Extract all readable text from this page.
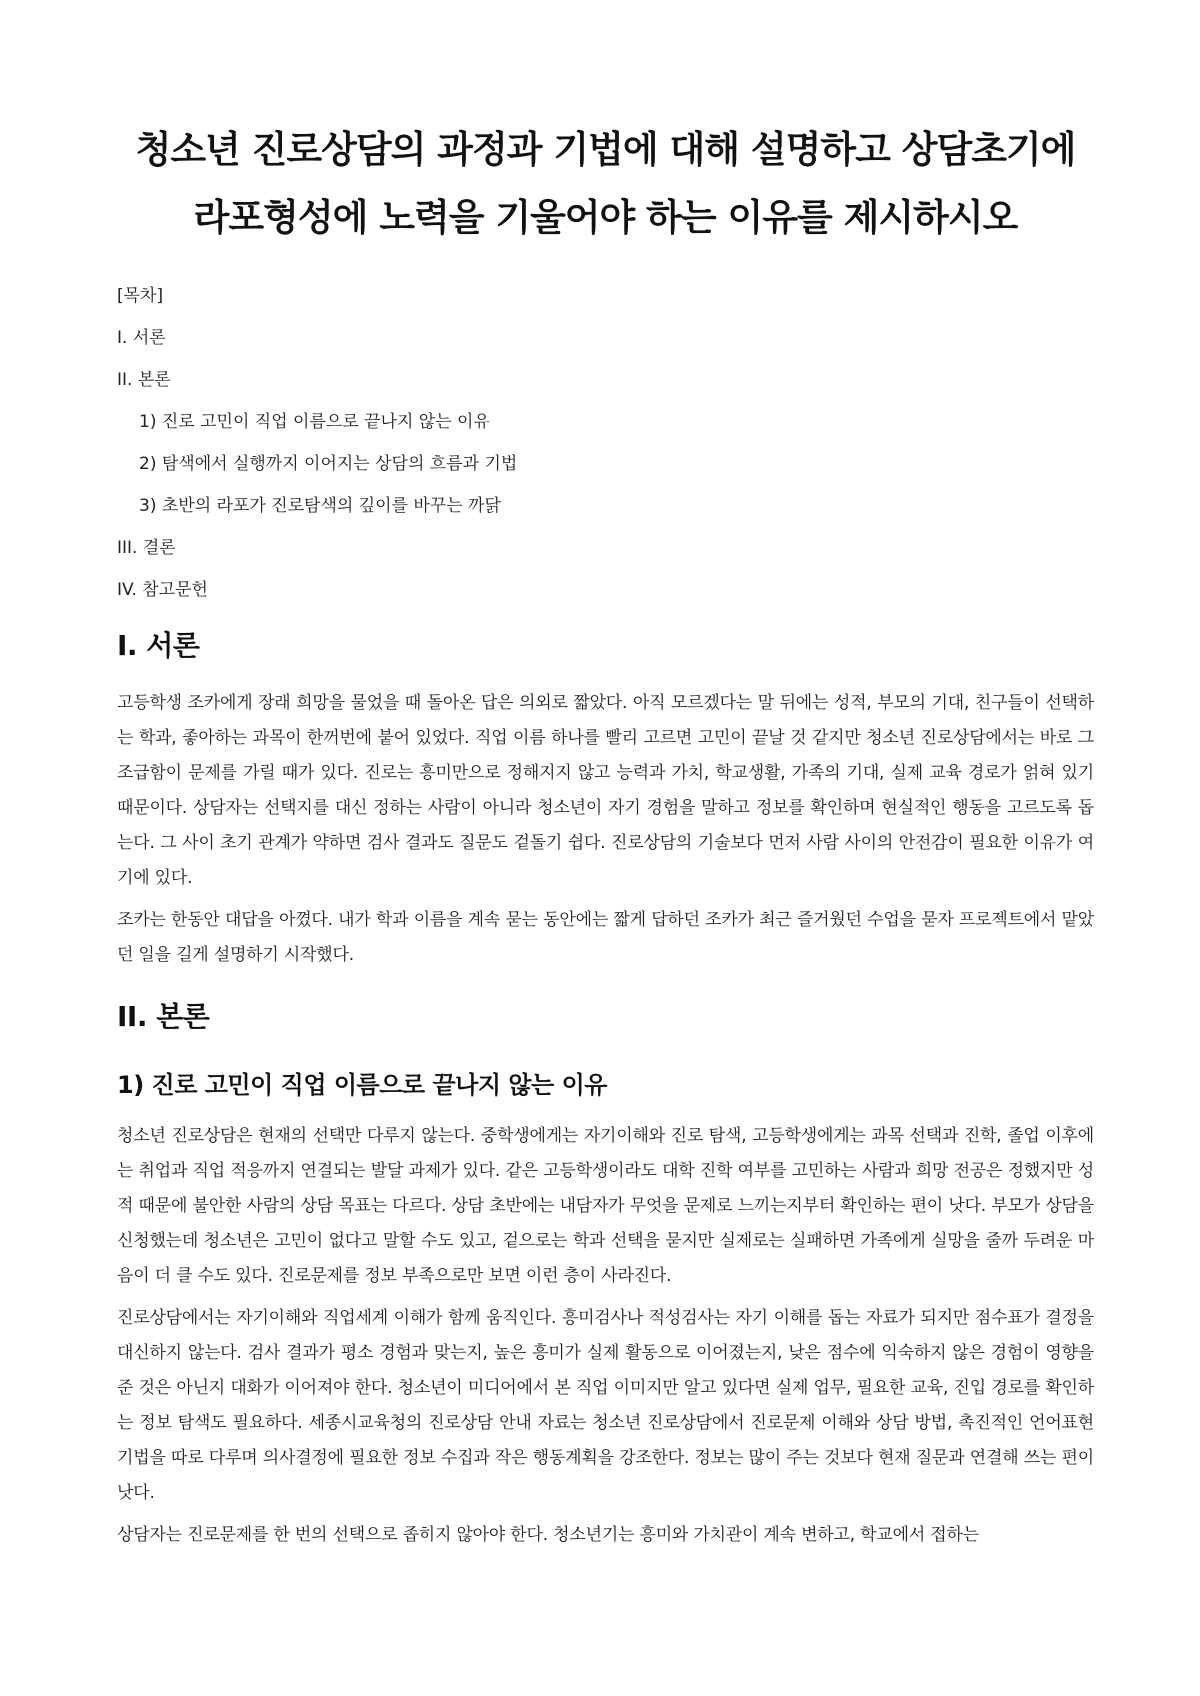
청소년 진로상담의 과정과 기법에 대해 설명하고 상담초기에 라포형성에 노력을 기울어야 하는 이유를 제시하시오
[목차]
I. 서론
II. 본론
1) 진로 고민이 직업 이름으로 끝나지 않는 이유
2) 탐색에서 실행까지 이어지는 상담의 흐름과 기법
3) 초반의 라포가 진로탐색의 깊이를 바꾸는 까닭
III. 결론
IV. 참고문헌
I. 서론

고등학생 조카에게 장래 희망을 물었을 때 돌아온 답은 의외로 짧았다. 아직 모르겠다는 말 뒤에는 성적, 부모의 기대, 친구들이 선택하는 학과, 좋아하는 과목이 한꺼번에 붙어 있었다. 직업 이름 하나를 빨리 고르면 고민이 끝날 것 같지만 청소년 진로상담에서는 바로 그 조급함이 문제를 가릴 때가 있다. 진로는 흥미만으로 정해지지 않고 능력과 가치, 학교생활, 가족의 기대, 실제 교육 경로가 얽혀 있기 때문이다. 상담자는 선택지를 대신 정하는 사람이 아니라 청소년이 자기 경험을 말하고 정보를 확인하며 현실적인 행동을 고르도록 돕는다. 그 사이 초기 관계가 약하면 검사 결과도 질문도 겉돌기 쉽다. 진로상담의 기술보다 먼저 사람 사이의 안전감이 필요한 이유가 여기에 있다.

조카는 한동안 대답을 아꼈다. 내가 학과 이름을 계속 묻는 동안에는 짧게 답하던 조카가 최근 즐거웠던 수업을 묻자 프로젝트에서 맡았던 일을 길게 설명하기 시작했다.

II. 본론
1) 진로 고민이 직업 이름으로 끝나지 않는 이유

청소년 진로상담은 현재의 선택만 다루지 않는다. 중학생에게는 자기이해와 진로 탐색, 고등학생에게는 과목 선택과 진학, 졸업 이후에는 취업과 직업 적응까지 연결되는 발달 과제가 있다. 같은 고등학생이라도 대학 진학 여부를 고민하는 사람과 희망 전공은 정했지만 성적 때문에 불안한 사람의 상담 목표는 다르다. 상담 초반에는 내담자가 무엇을 문제로 느끼는지부터 확인하는 편이 낫다. 부모가 상담을 신청했는데 청소년은 고민이 없다고 말할 수도 있고, 겉으로는 학과 선택을 묻지만 실제로는 실패하면 가족에게 실망을 줄까 두려운 마음이 더 클 수도 있다. 진로문제를 정보 부족으로만 보면 이런 층이 사라진다.

진로상담에서는 자기이해와 직업세계 이해가 함께 움직인다. 흥미검사나 적성검사는 자기 이해를 돕는 자료가 되지만 점수표가 결정을 대신하지 않는다. 검사 결과가 평소 경험과 맞는지, 높은 흥미가 실제 활동으로 이어졌는지, 낮은 점수에 익숙하지 않은 경험이 영향을 준 것은 아닌지 대화가 이어져야 한다. 청소년이 미디어에서 본 직업 이미지만 알고 있다면 실제 업무, 필요한 교육, 진입 경로를 확인하는 정보 탐색도 필요하다. 세종시교육청의 진로상담 안내 자료는 청소년 진로상담에서 진로문제 이해와 상담 방법, 촉진적인 언어표현 기법을 따로 다루며 의사결정에 필요한 정보 수집과 작은 행동계획을 강조한다. 정보는 많이 주는 것보다 현재 질문과 연결해 쓰는 편이 낫다.

상담자는 진로문제를 한 번의 선택으로 좁히지 않아야 한다. 청소년기는 흥미와 가치관이 계속 변하고, 학교에서 접하는
